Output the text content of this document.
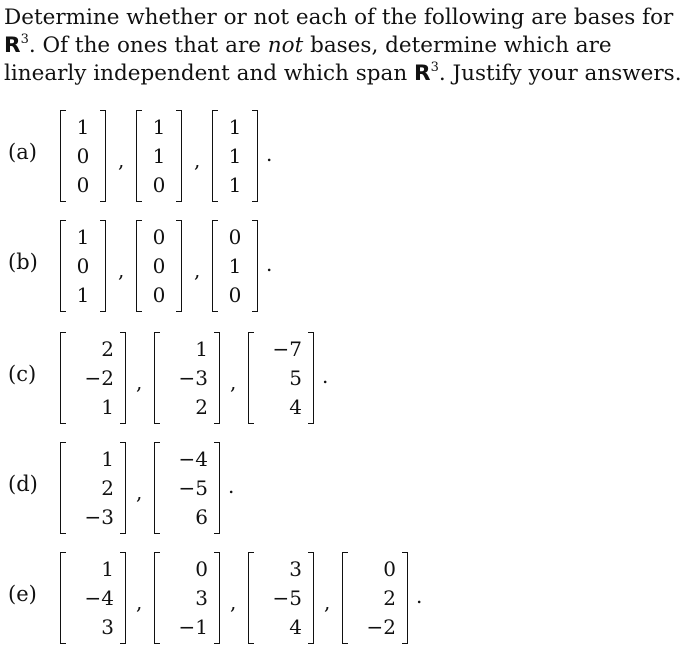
Determine whether or not each of the following are bases for $R^3$. Of the ones that are not bases, determine which are linearly independent and which span $R^3$. Justify your answers.

(a)
1
0
0
,
1
1
0
,
1
1
1
.
(b)
1
0
1
,
0
0
0
,
0
1
0
.
(c)
2
−2
1
,
1
−3
2
,
−7
5
4
.
(d)
1
2
−3
,
−4
−5
6
.
(e)
1
−4
3
,
0
3
−1
,
3
−5
4
,
0
2
−2
.
